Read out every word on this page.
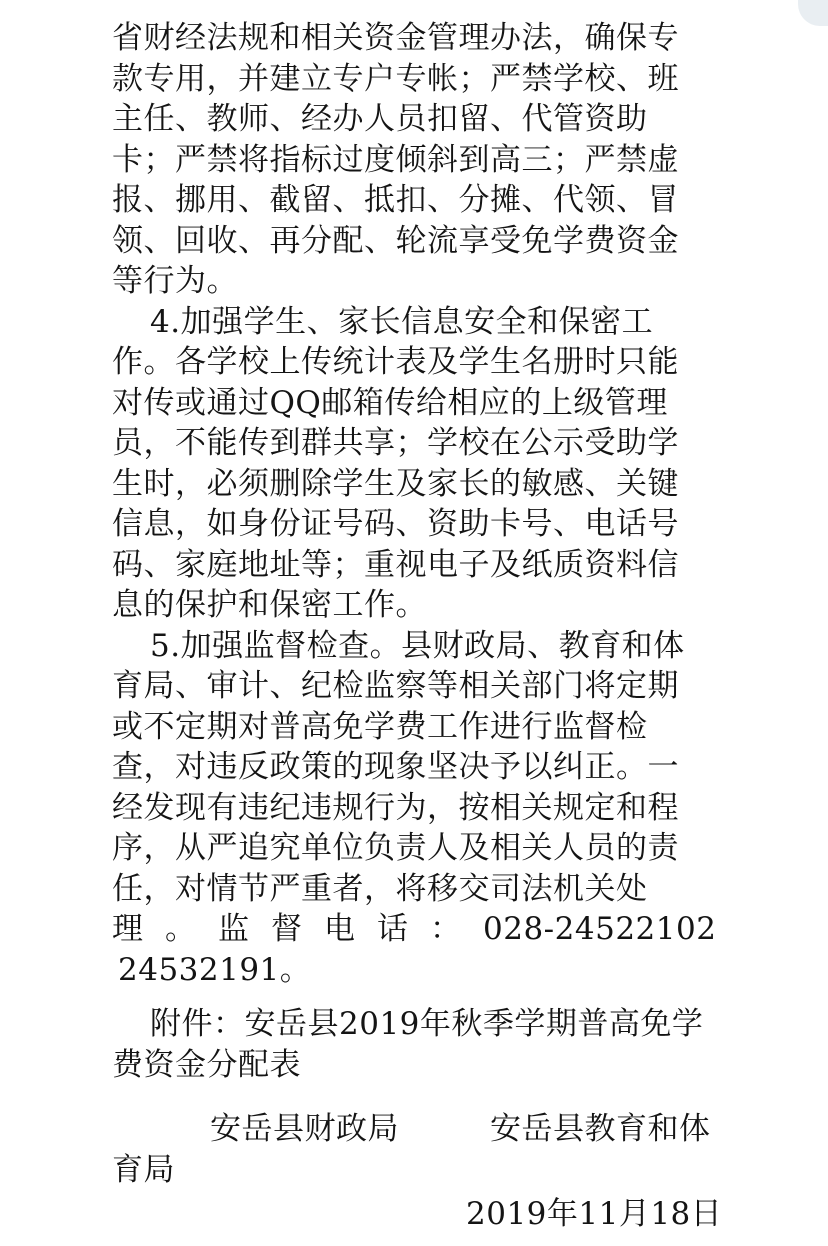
省财经法规和相关资金管理办法，确保专
款专用，并建立专户专帐；严禁学校、班
主任、教师、经办人员扣留、代管资助
卡；严禁将指标过度倾斜到高三；严禁虚
报、挪用、截留、抵扣、分摊、代领、冒
领、回收、再分配、轮流享受免学费资金
等行为。
4.加强学生、家长信息安全和保密工
作。各学校上传统计表及学生名册时只能
对传或通过QQ邮箱传给相应的上级管理
员，不能传到群共享；学校在公示受助学
生时，必须删除学生及家长的敏感、关键
信息，如身份证号码、资助卡号、电话号
码、家庭地址等；重视电子及纸质资料信
息的保护和保密工作。
5.加强监督检查。县财政局、教育和体
育局、审计、纪检监察等相关部门将定期
或不定期对普高免学费工作进行监督检
查，对违反政策的现象坚决予以纠正。一
经发现有违纪违规行为，按相关规定和程
序，从严追究单位负责人及相关人员的责
任，对情节严重者，将移交司法机关处
理。监督电话：028-24522102
24532191。
附件：安岳县2019年秋季学期普高免学
费资金分配表
安岳县财政局	安岳县教育和体
育局
2019年11月18日
